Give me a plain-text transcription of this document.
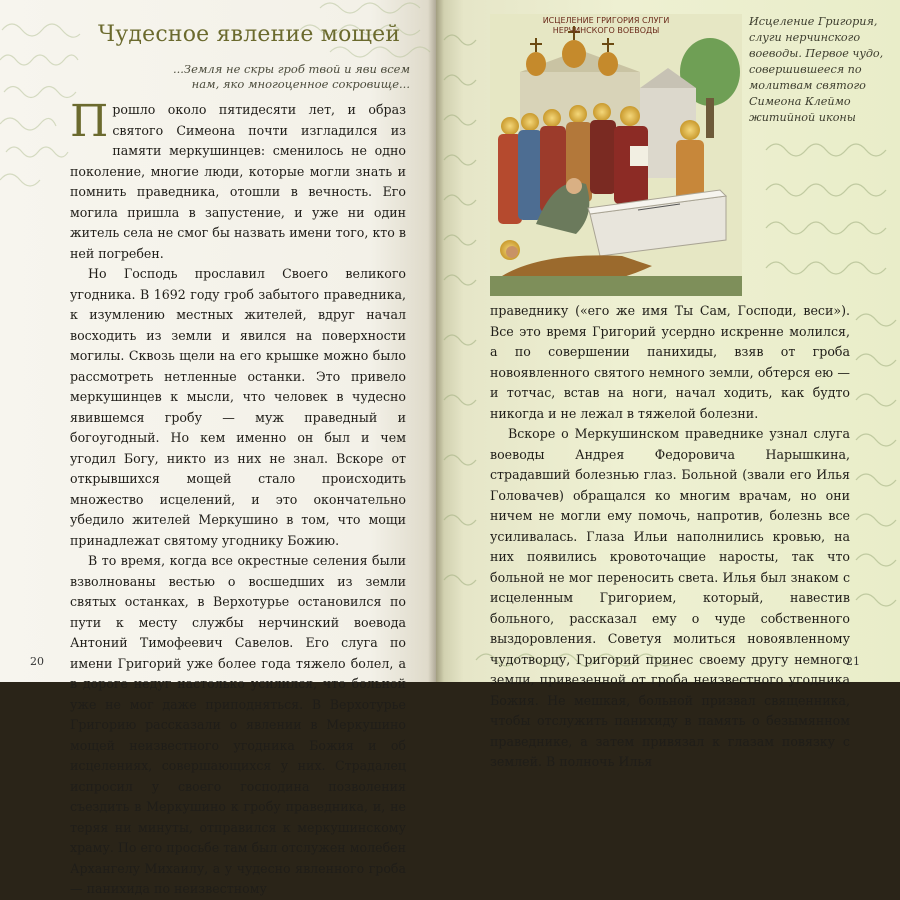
Чудесное явление мощей
...Земля не скры гроб твой и яви всем нам, яко многоценное сокровище...

Прошло около пятидесяти лет, и образ святого Симеона почти изгладился из памяти меркушинцев: сменилось не одно поколение, многие люди, которые могли знать и помнить праведника, отошли в вечность. Его могила пришла в запустение, и уже ни один житель села не смог бы назвать имени того, кто в ней погребен.

Но Господь прославил Своего великого угодника. В 1692 году гроб забытого праведника, к изумлению местных жителей, вдруг начал восходить из земли и явился на поверхности могилы. Сквозь щели на его крышке можно было рассмотреть нетленные останки. Это привело меркушинцев к мысли, что человек в чудесно явившемся гробу — муж праведный и богоугодный. Но кем именно он был и чем угодил Богу, никто из них не знал. Вскоре от открывшихся мощей стало происходить множество исцелений, и это окончательно убедило жителей Меркушино в том, что мощи принадлежат святому угоднику Божию.

В то время, когда все окрестные селения были взволнованы вестью о восшедших из земли святых останках, в Верхотурье остановился по пути к месту службы нерчинский воевода Антоний Тимофеевич Савелов. Его слуга по имени Григорий уже более года тяжело болел, а в дороге недуг настолько усилился, что больной уже не мог даже приподняться. В Верхотурье Григорию рассказали о явлении в Меркушино мощей неизвестного угодника Божия и об исцелениях, совершающихся у них. Страдалец испросил у своего господина позволения съездить в Меркушино к гробу праведника, и, не теряя ни минуты, отправился к меркушинскому храму. По его просьбе там был отслужен молебен Архангелу Михаилу, а у чудесно явленного гроба — панихида по неизвестному

20
ИСЦЕЛЕНИЕ ГРИГОРИЯ СЛУГИ НЕРЧИНСКОГО ВОЕВОДЫ
Исцеление Григория, слуги нерчинского воеводы. Первое чудо, совершившееся по молитвам святого Симеона Клеймо житийной иконы

праведнику («его же имя Ты Сам, Господи, веси»). Все это время Григорий усердно искренне молился, а по совершении панихиды, взяв от гроба новоявленного святого немного земли, обтерся ею — и тотчас, встав на ноги, начал ходить, как будто никогда и не лежал в тяжелой болезни.

Вскоре о Меркушинском праведнике узнал слуга воеводы Андрея Федоровича Нарышкина, страдавший болезнью глаз. Больной (звали его Илья Головачев) обращался ко многим врачам, но они ничем не могли ему помочь, напротив, болезнь все усиливалась. Глаза Ильи наполнились кровью, на них появились кровоточащие наросты, так что больной не мог переносить света. Илья был знаком с исцеленным Григорием, который, навестив больного, рассказал ему о чуде собственного выздоровления. Советуя молиться новоявленному чудотворцу, Григорий принес своему другу немного земли, привезенной от гроба неизвестного угодника Божия. Не мешкая, больной призвал священника, чтобы отслужить панихиду в память о безымянном праведнике, а затем привязал к глазам повязку с землей. В полночь Илья

21
